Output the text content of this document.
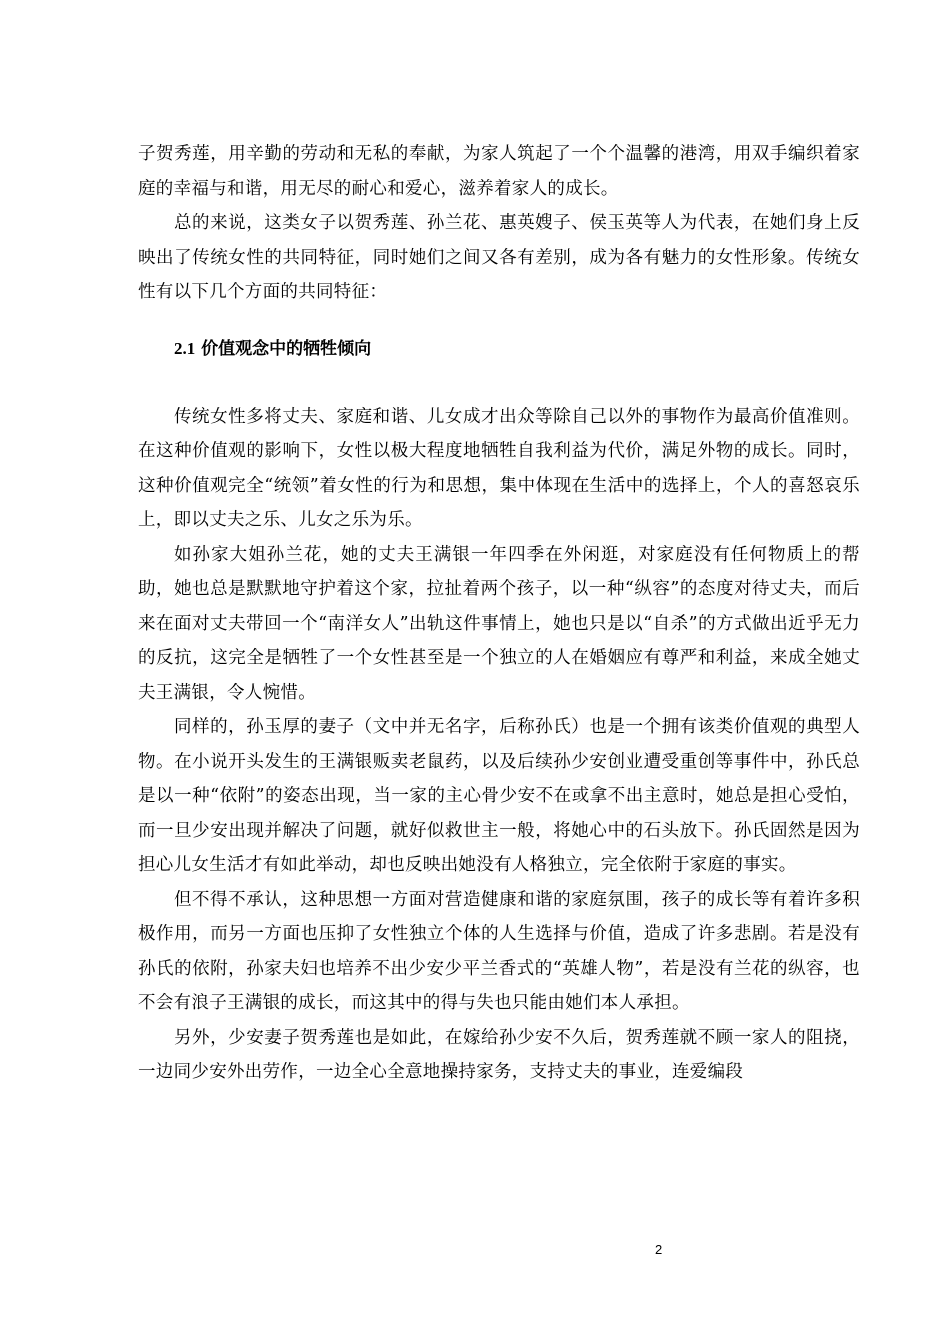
子贺秀莲，用辛勤的劳动和无私的奉献，为家人筑起了一个个温馨的港湾，用双手编织着家庭的幸福与和谐，用无尽的耐心和爱心，滋养着家人的成长。

总的来说，这类女子以贺秀莲、孙兰花、惠英嫂子、侯玉英等人为代表，在她们身上反映出了传统女性的共同特征，同时她们之间又各有差别，成为各有魅力的女性形象。传统女性有以下几个方面的共同特征：

2.1 价值观念中的牺牲倾向

传统女性多将丈夫、家庭和谐、儿女成才出众等除自己以外的事物作为最高价值准则。在这种价值观的影响下，女性以极大程度地牺牲自我利益为代价，满足外物的成长。同时，这种价值观完全“统领”着女性的行为和思想，集中体现在生活中的选择上，个人的喜怒哀乐上，即以丈夫之乐、儿女之乐为乐。

如孙家大姐孙兰花，她的丈夫王满银一年四季在外闲逛，对家庭没有任何物质上的帮助，她也总是默默地守护着这个家，拉扯着两个孩子，以一种“纵容”的态度对待丈夫，而后来在面对丈夫带回一个“南洋女人”出轨这件事情上，她也只是以“自杀”的方式做出近乎无力的反抗，这完全是牺牲了一个女性甚至是一个独立的人在婚姻应有尊严和利益，来成全她丈夫王满银，令人惋惜。

同样的，孙玉厚的妻子（文中并无名字，后称孙氏）也是一个拥有该类价值观的典型人物。在小说开头发生的王满银贩卖老鼠药，以及后续孙少安创业遭受重创等事件中，孙氏总是以一种“依附”的姿态出现，当一家的主心骨少安不在或拿不出主意时，她总是担心受怕，而一旦少安出现并解决了问题，就好似救世主一般，将她心中的石头放下。孙氏固然是因为担心儿女生活才有如此举动，却也反映出她没有人格独立，完全依附于家庭的事实。

但不得不承认，这种思想一方面对营造健康和谐的家庭氛围，孩子的成长等有着许多积极作用，而另一方面也压抑了女性独立个体的人生选择与价值，造成了许多悲剧。若是没有孙氏的依附，孙家夫妇也培养不出少安少平兰香式的“英雄人物”，若是没有兰花的纵容，也不会有浪子王满银的成长，而这其中的得与失也只能由她们本人承担。

另外，少安妻子贺秀莲也是如此，在嫁给孙少安不久后，贺秀莲就不顾一家人的阻挠，一边同少安外出劳作，一边全心全意地操持家务，支持丈夫的事业，连爱编段

2
